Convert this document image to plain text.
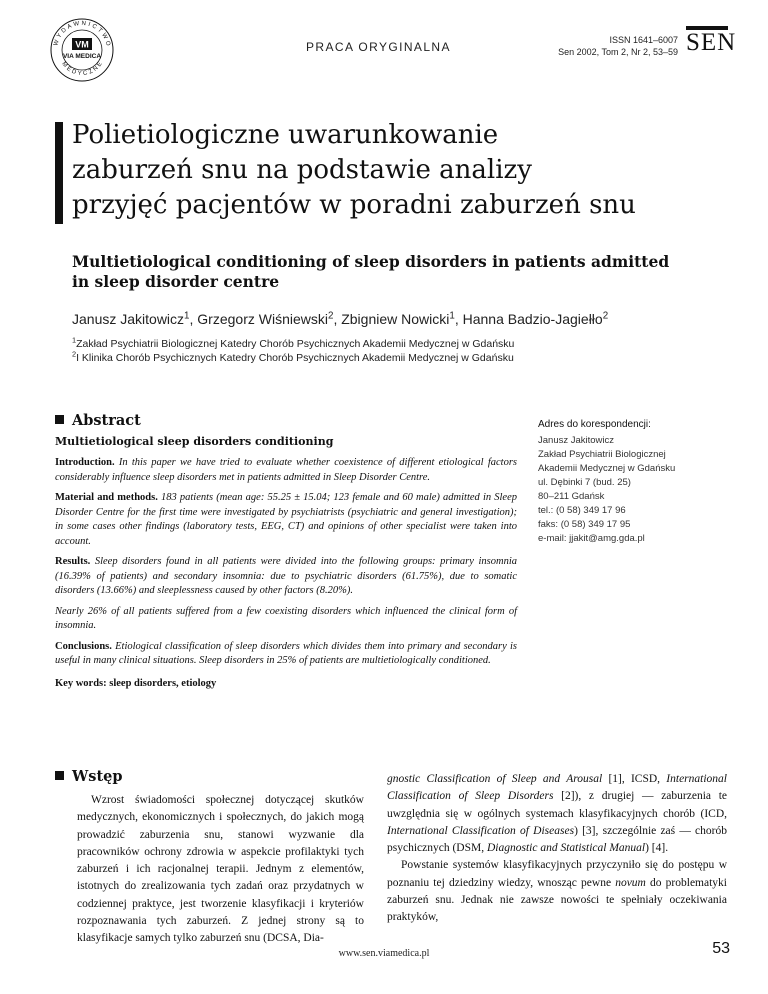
WYDAWNICTWO
MEDYCZNE
VM
VIA MEDICA
PRACA ORYGINALNA	ISSN 1641–6007
Sen 2002, Tom 2, Nr 2, 53–59 SEN
Polietiologiczne uwarunkowanie
zaburzeń snu na podstawie analizy
przyjęć pacjentów w poradni zaburzeń snu
Multietiological conditioning of sleep disorders in patients admitted
in sleep disorder centre
Janusz Jakitowicz$^1$, Grzegorz Wiśniewski$^2$, Zbigniew Nowicki$^1$, Hanna Badzio-Jagiełło$^2$
$^1$Zakład Psychiatrii Biologicznej Katedry Chorób Psychicznych Akademii Medycznej w Gdańsku
$^2$I Klinika Chorób Psychicznych Katedry Chorób Psychicznych Akademii Medycznej w Gdańsku
Abstract
Multietiological sleep disorders conditioning

Introduction. In this paper we have tried to evaluate whether coexistence of different etiological factors considerably influence sleep disorders met in patients admitted in Sleep Disorder Centre.

Material and methods. 183 patients (mean age: 55.25 ± 15.04; 123 female and 60 male) admitted in Sleep Disorder Centre for the first time were investigated by psychiatrists (psychiatric and general investigation); in some cases other findings (laboratory tests, EEG, CT) and opinions of other specialist were taken into account.

Results. Sleep disorders found in all patients were divided into the following groups: primary insomnia (16.39% of patients) and secondary insomnia: due to psychiatric disorders (61.75%), due to somatic disorders (13.66%) and sleeplessness caused by other factors (8.20%).

Nearly 26% of all patients suffered from a few coexisting disorders which influenced the clinical form of insomnia.

Conclusions. Etiological classification of sleep disorders which divides them into primary and secondary is useful in many clinical situations. Sleep disorders in 25% of patients are multietiologically conditioned.

Key words: sleep disorders, etiology
Adres do korespondencji:
Janusz Jakitowicz
Zakład Psychiatrii Biologicznej
Akademii Medycznej w Gdańsku
ul. Dębinki 7 (bud. 25)
80–211 Gdańsk
tel.: (0 58) 349 17 96
faks: (0 58) 349 17 95
e-mail: jjakit@amg.gda.pl
Wstęp
Wzrost świadomości społecznej dotyczącej skutków medycznych, ekonomicznych i społecznych, do jakich mogą prowadzić zaburzenia snu, stanowi wyzwanie dla pracowników ochrony zdrowia w aspekcie profilaktyki tych zaburzeń i ich racjonalnej terapii. Jednym z elementów, istotnych do zrealizowania tych zadań oraz przydatnych w codziennej praktyce, jest tworzenie klasyfikacji i kryteriów rozpoznawania tych zaburzeń. Z jednej strony są to klasyfikacje samych tylko zaburzeń snu (DCSA, Dia-

gnostic Classification of Sleep and Arousal [1], ICSD, International Classification of Sleep Disorders [2]), z drugiej — zaburzenia te uwzględnia się w ogólnych systemach klasyfikacyjnych chorób (ICD, International Classification of Diseases) [3], szczególnie zaś — chorób psychicznych (DSM, Diagnostic and Statistical Manual) [4].

Powstanie systemów klasyfikacyjnych przyczyniło się do postępu w poznaniu tej dziedziny wiedzy, wnosząc pewne novum do problematyki zaburzeń snu. Jednak nie zawsze nowości te spełniały oczekiwania praktyków,

www.sen.viamedica.pl	53
